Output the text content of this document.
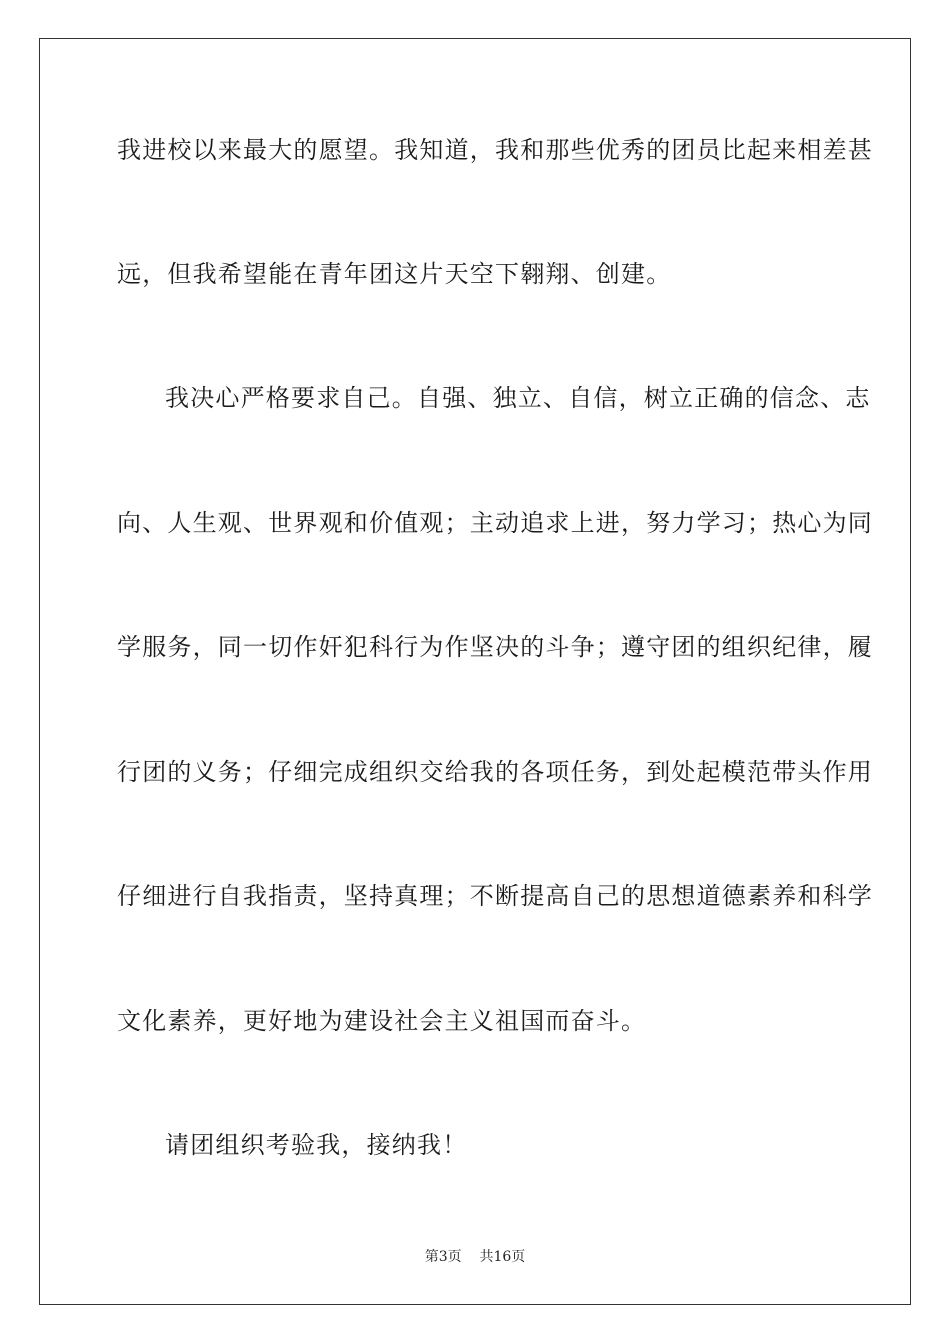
我进校以来最大的愿望。我知道，我和那些优秀的团员比起来相差甚
远，但我希望能在青年团这片天空下翱翔、创建。
我决心严格要求自己。自强、独立、自信，树立正确的信念、志
向、人生观、世界观和价值观；主动追求上进，努力学习；热心为同
学服务，同一切作奸犯科行为作坚决的斗争；遵守团的组织纪律，履
行团的义务；仔细完成组织交给我的各项任务，到处起模范带头作用
仔细进行自我指责，坚持真理；不断提高自己的思想道德素养和科学
文化素养，更好地为建设社会主义祖国而奋斗。
请团组织考验我，接纳我！
第3页 共16页
